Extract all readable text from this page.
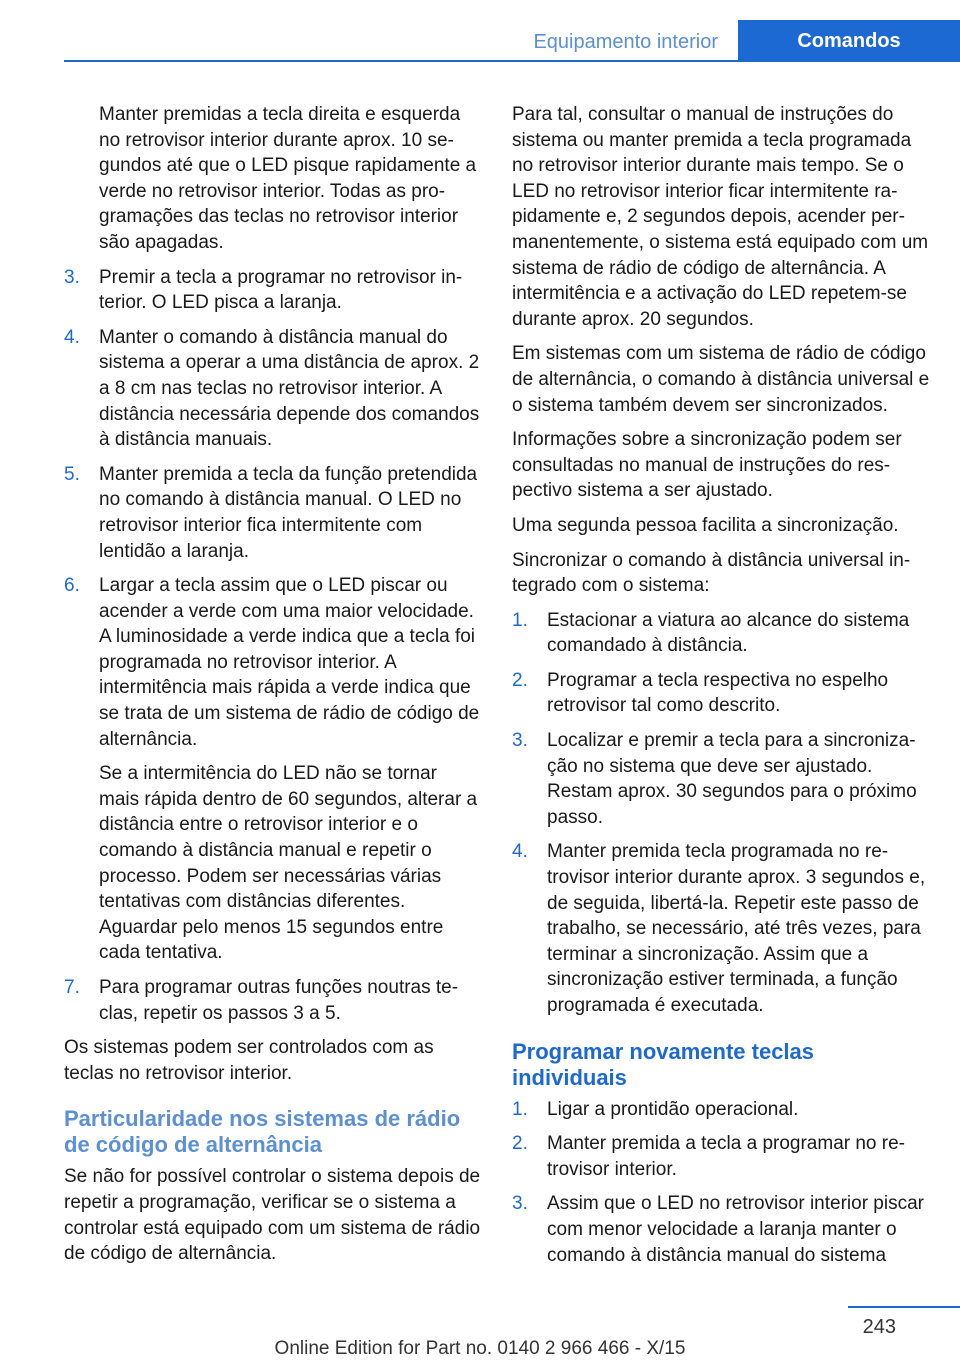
Equipamento interior	Comandos

Manter premidas a tecla direita e esquerda no retrovisor interior durante aprox. 10 segundos até que o LED pisque rapidamente a verde no retrovisor interior. Todas as programações das teclas no retrovisor interior são apagadas.

3. Premir a tecla a programar no retrovisor interior. O LED pisca a laranja.
4. Manter o comando à distância manual do sistema a operar a uma distância de aprox. 2 a 8 cm nas teclas no retrovisor interior. A distância necessária depende dos comandos à distância manuais.
5. Manter premida a tecla da função pretendida no comando à distância manual. O LED no retrovisor interior fica intermitente com lentidão a laranja.
6. Largar a tecla assim que o LED piscar ou acender a verde com uma maior velocidade. A luminosidade a verde indica que a tecla foi programada no retrovisor interior. A intermitência mais rápida a verde indica que se trata de um sistema de rádio de código de alternância.
Se a intermitência do LED não se tornar mais rápida dentro de 60 segundos, alterar a distância entre o retrovisor interior e o comando à distância manual e repetir o processo. Podem ser necessárias várias tentativas com distâncias diferentes. Aguardar pelo menos 15 segundos entre cada tentativa.
7. Para programar outras funções noutras teclas, repetir os passos 3 a 5.

Os sistemas podem ser controlados com as teclas no retrovisor interior.

Particularidade nos sistemas de rádio de código de alternância

Se não for possível controlar o sistema depois de repetir a programação, verificar se o sistema a controlar está equipado com um sistema de rádio de código de alternância.

Para tal, consultar o manual de instruções do sistema ou manter premida a tecla programada no retrovisor interior durante mais tempo. Se o LED no retrovisor interior ficar intermitente rapidamente e, 2 segundos depois, acender permanentemente, o sistema está equipado com um sistema de rádio de código de alternância. A intermitência e a activação do LED repetem-se durante aprox. 20 segundos.

Em sistemas com um sistema de rádio de código de alternância, o comando à distância universal e o sistema também devem ser sincronizados.

Informações sobre a sincronização podem ser consultadas no manual de instruções do respectivo sistema a ser ajustado.

Uma segunda pessoa facilita a sincronização.

Sincronizar o comando à distância universal integrado com o sistema:

1. Estacionar a viatura ao alcance do sistema comandado à distância.
2. Programar a tecla respectiva no espelho retrovisor tal como descrito.
3. Localizar e premir a tecla para a sincronização no sistema que deve ser ajustado. Restam aprox. 30 segundos para o próximo passo.
4. Manter premida tecla programada no retrovisor interior durante aprox. 3 segundos e, de seguida, libertá-la. Repetir este passo de trabalho, se necessário, até três vezes, para terminar a sincronização. Assim que a sincronização estiver terminada, a função programada é executada.
Programar novamente teclas individuais
1. Ligar a prontidão operacional.
2. Manter premida a tecla a programar no retrovisor interior.
3. Assim que o LED no retrovisor interior piscar com menor velocidade a laranja manter o comando à distância manual do sistema
243
Online Edition for Part no. 0140 2 966 466 - X/15
